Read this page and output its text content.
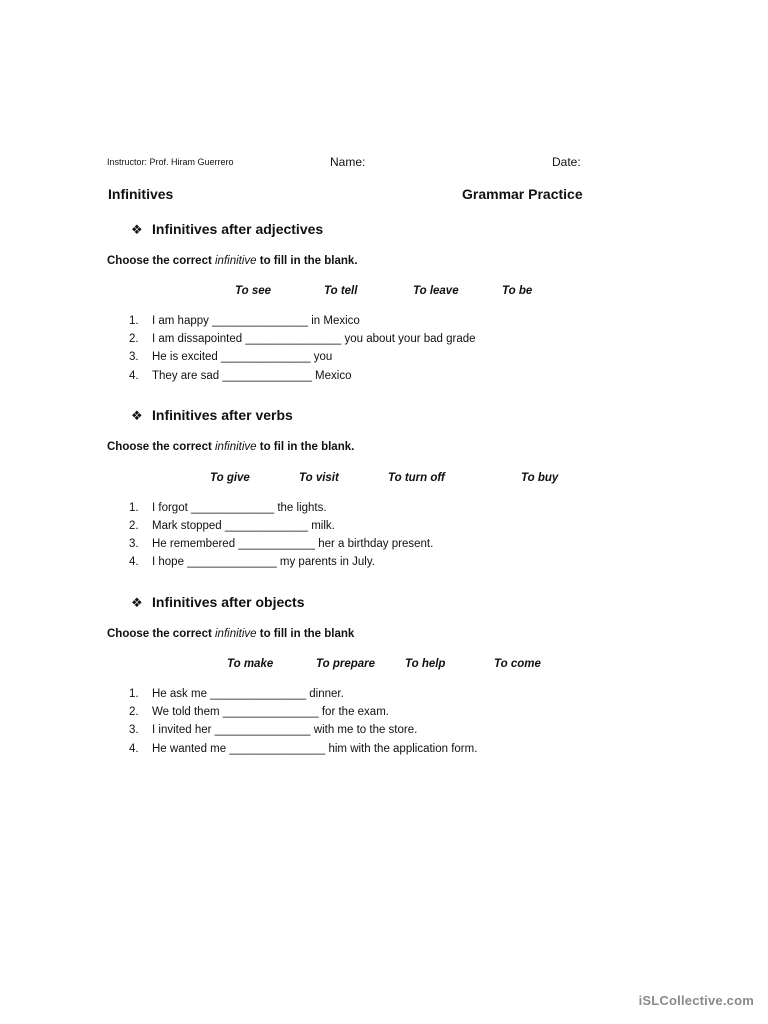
Instructor: Prof. Hiram Guerrero	Name:	Date:
Infinitives	Grammar Practice
❖ Infinitives after adjectives
Choose the correct infinitive to fill in the blank.
To see	To tell	To leave	To be
1. I am happy _______________ in Mexico
2. I am dissapointed _______________ you about your bad grade
3. He is excited ______________ you
4. They are sad ______________ Mexico
❖ Infinitives after verbs
Choose the correct infinitive to fil in the blank.
To give	To visit	To turn off	To buy
1. I forgot _____________ the lights.
2. Mark stopped _____________ milk.
3. He remembered ____________ her a birthday present.
4. I hope ______________ my parents in July.
❖ Infinitives after objects
Choose the correct infinitive to fill in the blank
To make	To prepare	To help	To come
1. He ask me _______________ dinner.
2. We told them _______________ for the exam.
3. I invited her _______________ with me to the store.
4. He wanted me _______________ him with the application form.
iSLCollective.com
